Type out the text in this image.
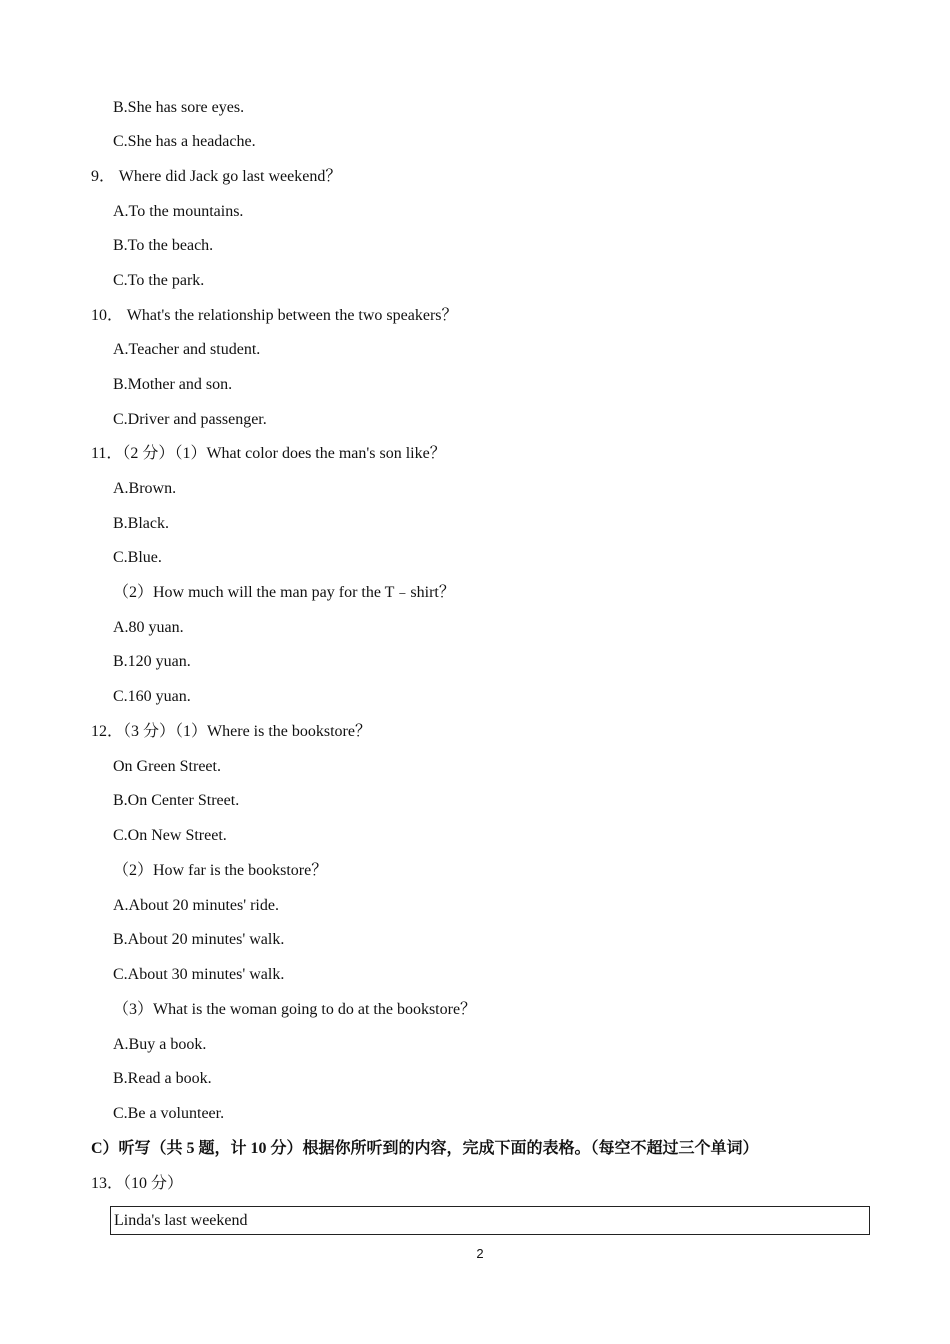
B.She has sore eyes.
C.She has a headache.
9． Where did Jack go last weekend？
A.To the mountains.
B.To the beach.
C.To the park.
10． What's the relationship between the two speakers？
A.Teacher and student.
B.Mother and son.
C.Driver and passenger.
11．（2 分）（1）What color does the man's son like？
A.Brown.
B.Black.
C.Blue.
（2）How much will the man pay for the T﹣shirt？
A.80 yuan.
B.120 yuan.
C.160 yuan.
12．（3 分）（1）Where is the bookstore？
On Green Street.
B.On Center Street.
C.On New Street.
（2）How far is the bookstore？
A.About 20 minutes' ride.
B.About 20 minutes' walk.
C.About 30 minutes' walk.
（3）What is the woman going to do at the bookstore？
A.Buy a book.
B.Read a book.
C.Be a volunteer.
C）听写（共 5 题，计 10 分）根据你所听到的内容，完成下面的表格。（每空不超过三个单词）
13．（10 分）
Linda's last weekend
2
